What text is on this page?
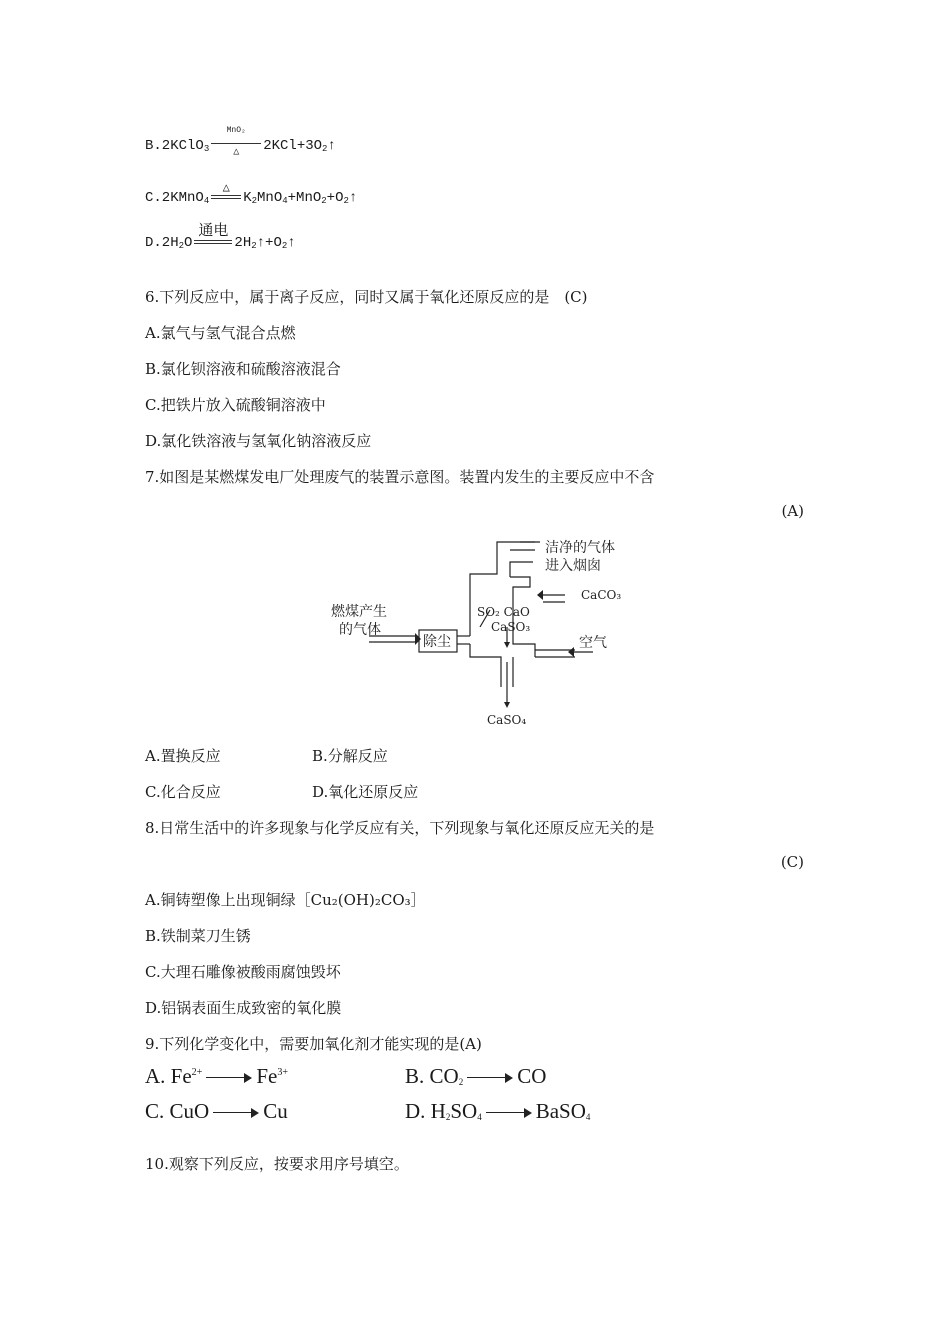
B.2KClO$_3$
MnO₂
△	$2KCl+3O_2↑$
C.2KMnO$_4$
△
$K_2MnO_4+MnO_2+O_2↑$
$D.2H_2O$
通电
$2H_2↑+O_2↑$
6.下列反应中，属于离子反应，同时又属于氧化还原反应的是　(C)
A.氯气与氢气混合点燃
B.氯化钡溶液和硫酸溶液混合
C.把铁片放入硫酸铜溶液中
D.氯化铁溶液与氢氧化钠溶液反应
7.如图是某燃煤发电厂处理废气的装置示意图。装置内发生的主要反应中不含
(A)
洁净的气体
进入烟囱
CaCO₃
燃煤产生
的气体
除尘
SO₂ CaO
CaSO₃
空气
CaSO₄
A.置换反应	B.分解反应
C.化合反应	D.氧化还原反应
8.日常生活中的许多现象与化学反应有关，下列现象与氧化还原反应无关的是
(C)
A.铜铸塑像上出现铜绿［Cu₂(OH)₂CO₃］
B.铁制菜刀生锈
C.大理石雕像被酸雨腐蚀毁坏
D.铝锅表面生成致密的氧化膜
9.下列化学变化中，需要加氧化剂才能实现的是(A)
A. $Fe^{2+}$	$Fe^{3+}$	B. $CO_2$	CO
C. CuO	Cu	D. $H_2SO_4$	BaSO$_4$
10.观察下列反应，按要求用序号填空。
